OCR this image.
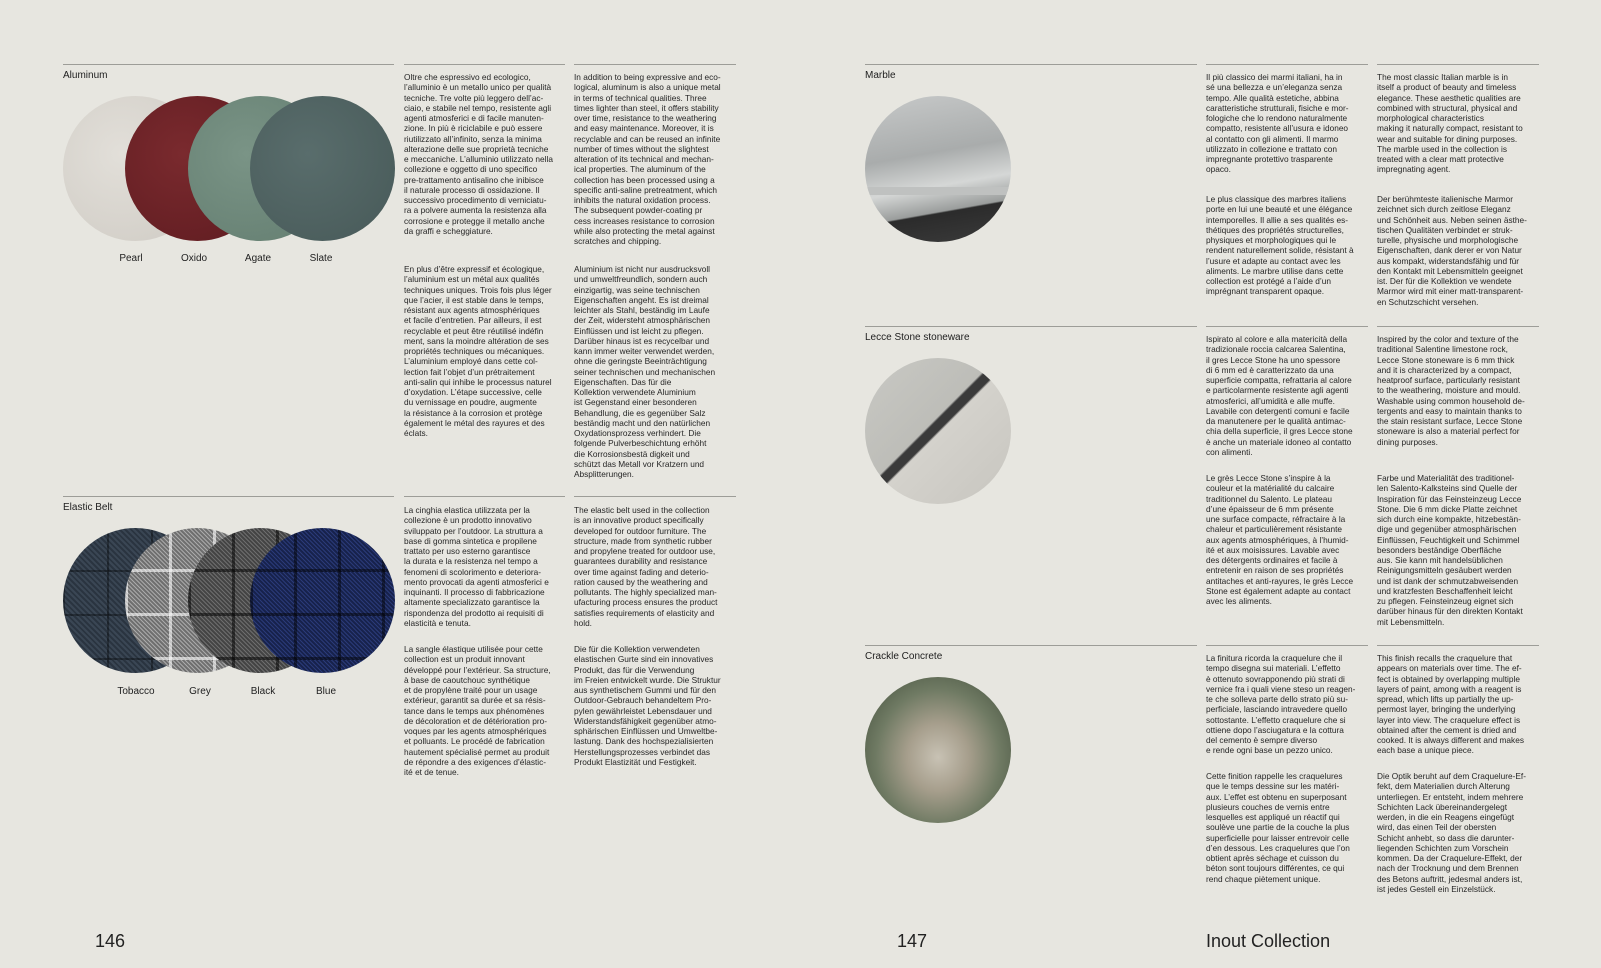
Aluminum
Pearl	Oxido	Agate	Slate

Oltre che espressivo ed ecologico,
l’alluminio è un metallo unico per qualità
tecniche. Tre volte più leggero dell’ac-
ciaio, e stabile nel tempo, resistente agli
agenti atmosferici e di facile manuten-
zione. In più è riciclabile e può essere
riutilizzato all’infinito, senza la minima
alterazione delle sue proprietà tecniche
e meccaniche. L’alluminio utilizzato nella
collezione e oggetto di uno specifico
pre-trattamento antisalino che inibisce
il naturale processo di ossidazione. Il
successivo procedimento di verniciatu-
ra a polvere aumenta la resistenza alla
corrosione e protegge il metallo anche
da graffi e scheggiature.

In addition to being expressive and eco-
logical, aluminum is also a unique metal
in terms of technical qualities. Three
times lighter than steel, it offers stability
over time, resistance to the weathering
and easy maintenance. Moreover, it is
recyclable and can be reused an infinite
number of times without the slightest
alteration of its technical and mechan-
ical properties. The aluminum of the
collection has been processed using a
specific anti-saline pretreatment, which
inhibits the natural oxidation process.
The subsequent powder-coating pr
cess increases resistance to corrosion
while also protecting the metal against
scratches and chipping.

En plus d’être expressif et écologique,
l’aluminium est un métal aux qualités
techniques uniques. Trois fois plus léger
que l’acier, il est stable dans le temps,
résistant aux agents atmosphériques
et facile d’entretien. Par ailleurs, il est
recyclable et peut être réutilisé indéfin
ment, sans la moindre altération de ses
propriétés techniques ou mécaniques.
L’aluminium employé dans cette col-
lection fait l’objet d’un prétraitement
anti-salin qui inhibe le processus naturel
d’oxydation. L’étape successive, celle
du vernissage en poudre, augmente
la résistance à la corrosion et protège
également le métal des rayures et des
éclats.

Aluminium ist nicht nur ausdrucksvoll
und umweltfreundlich, sondern auch
einzigartig, was seine technischen
Eigenschaften angeht. Es ist dreimal
leichter als Stahl, beständig im Laufe
der Zeit, widersteht atmosphärischen
Einflüssen und ist leicht zu pflegen.
Darüber hinaus ist es recycelbar und
kann immer weiter verwendet werden,
ohne die geringste Beeinträchtigung
seiner technischen und mechanischen
Eigenschaften. Das für die
Kollektion verwendete Aluminium
ist Gegenstand einer besonderen
Behandlung, die es gegenüber Salz
beständig macht und den natürlichen
Oxydationsprozess verhindert. Die
folgende Pulverbeschichtung erhöht
die Korrosionsbestä digkeit und
schützt das Metall vor Kratzern und
Absplitterungen.

Elastic Belt
Tobacco	Grey	Black	Blue

La cinghia elastica utilizzata per la
collezione è un prodotto innovativo
sviluppato per l’outdoor. La struttura a
base di gomma sintetica e propilene
trattato per uso esterno garantisce
la durata e la resistenza nel tempo a
fenomeni di scolorimento e deteriora-
mento provocati da agenti atmosferici e
inquinanti. Il processo di fabbricazione
altamente specializzato garantisce la
rispondenza del prodotto ai requisiti di
elasticità e tenuta.

The elastic belt used in the collection
is an innovative product specifically
developed for outdoor furniture. The
structure, made from synthetic rubber
and propylene treated for outdoor use,
guarantees durability and resistance
over time against fading and deterio-
ration caused by the weathering and
pollutants. The highly specialized man-
ufacturing process ensures the product
satisfies requirements of elasticity and
hold.

La sangle élastique utilisée pour cette
collection est un produit innovant
développé pour l’extérieur. Sa structure,
à base de caoutchouc synthétique
et de propylène traité pour un usage
extérieur, garantit sa durée et sa résis-
tance dans le temps aux phénomènes
de décoloration et de détérioration pro-
voques par les agents atmosphériques
et polluants. Le procédé de fabrication
hautement spécialisé permet au produit
de répondre a des exigences d’élastic-
ité et de tenue.

Die für die Kollektion verwendeten
elastischen Gurte sind ein innovatives
Produkt, das für die Verwendung
im Freien entwickelt wurde. Die Struktur
aus synthetischem Gummi und für den
Outdoor-Gebrauch behandeltem Pro-
pylen gewährleistet Lebensdauer und
Widerstandsfähigkeit gegenüber atmo-
sphärischen Einflüssen und Umweltbe-
lastung. Dank des hochspezialisierten
Herstellungsprozesses verbindet das
Produkt Elastizität und Festigkeit.

146
Marble	Il più classico dei marmi italiani, ha in
sé una bellezza e un’eleganza senza
tempo. Alle qualità estetiche, abbina
caratteristiche strutturali, fisiche e mor-
fologiche che lo rendono naturalmente
compatto, resistente all’usura e idoneo
al contatto con gli alimenti. Il marmo
utilizzato in collezione e trattato con
impregnante protettivo trasparente
opaco.

The most classic Italian marble is in
itself a product of beauty and timeless
elegance. These aesthetic qualities are
combined with structural, physical and
morphological characteristics
making it naturally compact, resistant to
wear and suitable for dining purposes.
The marble used in the collection is
treated with a clear matt protective
impregnating agent.

Le plus classique des marbres italiens
porte en lui une beauté et une élégance
intemporelles. Il allie a ses qualités es-
thétiques des propriétés structurelles,
physiques et morphologiques qui le
rendent naturellement solide, résistant à
l’usure et adapte au contact avec les
aliments. Le marbre utilise dans cette
collection est protégé a l’aide d’un
imprégnant transparent opaque.

Der berühmteste italienische Marmor
zeichnet sich durch zeitlose Eleganz
und Schönheit aus. Neben seinen ästhe-
tischen Qualitäten verbindet er struk-
turelle, physische und morphologische
Eigenschaften, dank derer er von Natur
aus kompakt, widerstandsfähig und für
den Kontakt mit Lebensmitteln geeignet
ist. Der für die Kollektion ve wendete
Marmor wird mit einer matt-transparent-
en Schutzschicht versehen.

Lecce Stone stoneware	Ispirato al colore e alla matericità della
tradizionale roccia calcarea Salentina,
il gres Lecce Stone ha uno spessore
di 6 mm ed è caratterizzato da una
superficie compatta, refrattaria al calore
e particolarmente resistente agli agenti
atmosferici, all’umidità e alle muffe.
Lavabile con detergenti comuni e facile
da manutenere per le qualità antimac-
chia della superficie, il gres Lecce stone
è anche un materiale idoneo al contatto
con alimenti.

Inspired by the color and texture of the
traditional Salentine limestone rock,
Lecce Stone stoneware is 6 mm thick
and it is characterized by a compact,
heatproof surface, particularly resistant
to the weathering, moisture and mould.
Washable using common household de-
tergents and easy to maintain thanks to
the stain resistant surface, Lecce Stone
stoneware is also a material perfect for
dining purposes.

Le grès Lecce Stone s’inspire à la
couleur et la matérialité du calcaire
traditionnel du Salento. Le plateau
d’une épaisseur de 6 mm présente
une surface compacte, réfractaire à la
chaleur et particulièrement résistante
aux agents atmosphériques, à l’humid-
ité et aux moisissures. Lavable avec
des détergents ordinaires et facile à
entretenir en raison de ses propriétés
antitaches et anti-rayures, le grès Lecce
Stone est également adapte au contact
avec les aliments.

Farbe und Materialität des traditionel-
len Salento-Kalksteins sind Quelle der
Inspiration für das Feinsteinzeug Lecce
Stone. Die 6 mm dicke Platte zeichnet
sich durch eine kompakte, hitzebestän-
dige und gegenüber atmosphärischen
Einflüssen, Feuchtigkeit und Schimmel
besonders beständige Oberfläche
aus. Sie kann mit handelsüblichen
Reinigungsmitteln gesäubert werden
und ist dank der schmutzabweisenden
und kratzfesten Beschaffenheit leicht
zu pflegen. Feinsteinzeug eignet sich
darüber hinaus für den direkten Kontakt
mit Lebensmitteln.

Crackle Concrete	La finitura ricorda la craquelure che il
tempo disegna sui materiali. L’effetto
è ottenuto sovrapponendo più strati di
vernice fra i quali viene steso un reagen-
te che solleva parte dello strato più su-
perficiale, lasciando intravedere quello
sottostante. L’effetto craquelure che si
ottiene dopo l’asciugatura e la cottura
del cemento è sempre diverso
e rende ogni base un pezzo unico.

This finish recalls the craquelure that
appears on materials over time. The ef-
fect is obtained by overlapping multiple
layers of paint, among with a reagent is
spread, which lifts up partially the up-
permost layer, bringing the underlying
layer into view. The craquelure effect is
obtained after the cement is dried and
cooked. It is always different and makes
each base a unique piece.

Cette finition rappelle les craquelures
que le temps dessine sur les matéri-
aux. L’effet est obtenu en superposant
plusieurs couches de vernis entre
lesquelles est appliqué un réactif qui
soulève une partie de la couche la plus
superficielle pour laisser entrevoir celle
d’en dessous. Les craquelures que l’on
obtient après séchage et cuisson du
béton sont toujours différentes, ce qui
rend chaque piètement unique.

Die Optik beruht auf dem Craquelure-Ef-
fekt, dem Materialien durch Alterung
unterliegen. Er entsteht, indem mehrere
Schichten Lack übereinandergelegt
werden, in die ein Reagens eingefügt
wird, das einen Teil der obersten
Schicht anhebt, so dass die darunter-
liegenden Schichten zum Vorschein
kommen. Da der Craquelure-Effekt, der
nach der Trocknung und dem Brennen
des Betons auftritt, jedesmal anders ist,
ist jedes Gestell ein Einzelstück.

147	Inout Collection
